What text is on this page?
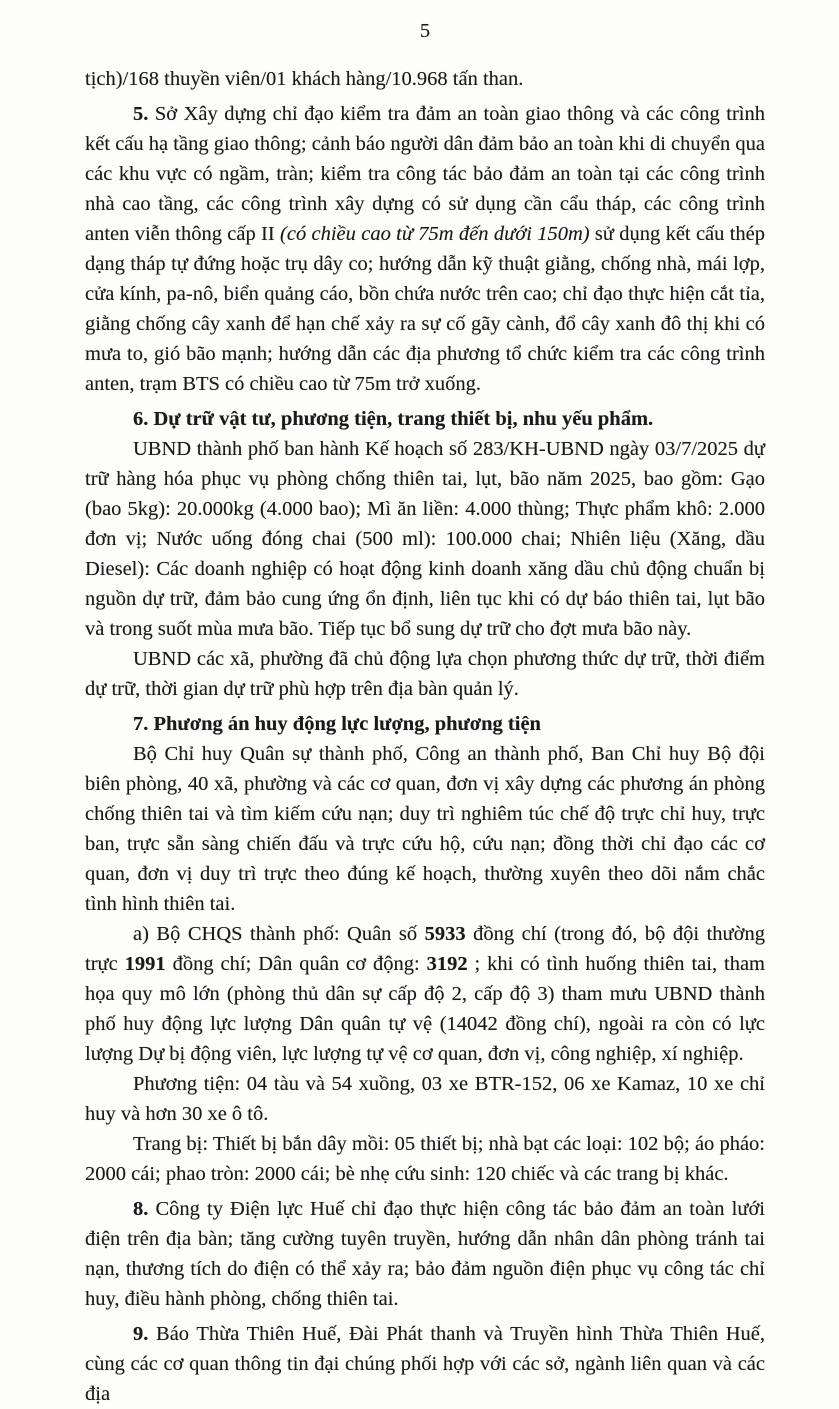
5

tịch)/168 thuyền viên/01 khách hàng/10.968 tấn than.

5. Sở Xây dựng chỉ đạo kiểm tra đảm an toàn giao thông và các công trình kết cấu hạ tầng giao thông; cảnh báo người dân đảm bảo an toàn khi di chuyển qua các khu vực có ngầm, tràn; kiểm tra công tác bảo đảm an toàn tại các công trình nhà cao tầng, các công trình xây dựng có sử dụng cần cẩu tháp, các công trình anten viễn thông cấp II (có chiều cao từ 75m đến dưới 150m) sử dụng kết cấu thép dạng tháp tự đứng hoặc trụ dây co; hướng dẫn kỹ thuật giằng, chống nhà, mái lợp, cửa kính, pa-nô, biển quảng cáo, bồn chứa nước trên cao; chỉ đạo thực hiện cắt tỉa, giằng chống cây xanh để hạn chế xảy ra sự cố gãy cành, đổ cây xanh đô thị khi có mưa to, gió bão mạnh; hướng dẫn các địa phương tổ chức kiểm tra các công trình anten, trạm BTS có chiều cao từ 75m trở xuống.

6. Dự trữ vật tư, phương tiện, trang thiết bị, nhu yếu phẩm.

UBND thành phố ban hành Kế hoạch số 283/KH-UBND ngày 03/7/2025 dự trữ hàng hóa phục vụ phòng chống thiên tai, lụt, bão năm 2025, bao gồm: Gạo (bao 5kg): 20.000kg (4.000 bao); Mì ăn liền: 4.000 thùng; Thực phẩm khô: 2.000 đơn vị; Nước uống đóng chai (500 ml): 100.000 chai; Nhiên liệu (Xăng, dầu Diesel): Các doanh nghiệp có hoạt động kinh doanh xăng dầu chủ động chuẩn bị nguồn dự trữ, đảm bảo cung ứng ổn định, liên tục khi có dự báo thiên tai, lụt bão và trong suốt mùa mưa bão. Tiếp tục bổ sung dự trữ cho đợt mưa bão này.

UBND các xã, phường đã chủ động lựa chọn phương thức dự trữ, thời điểm dự trữ, thời gian dự trữ phù hợp trên địa bàn quản lý.

7. Phương án huy động lực lượng, phương tiện

Bộ Chỉ huy Quân sự thành phố, Công an thành phố, Ban Chỉ huy Bộ đội biên phòng, 40 xã, phường và các cơ quan, đơn vị xây dựng các phương án phòng chống thiên tai và tìm kiếm cứu nạn; duy trì nghiêm túc chế độ trực chỉ huy, trực ban, trực sẵn sàng chiến đấu và trực cứu hộ, cứu nạn; đồng thời chỉ đạo các cơ quan, đơn vị duy trì trực theo đúng kế hoạch, thường xuyên theo dõi nắm chắc tình hình thiên tai.

a) Bộ CHQS thành phố: Quân số 5933 đồng chí (trong đó, bộ đội thường trực 1991 đồng chí; Dân quân cơ động: 3192 ; khi có tình huống thiên tai, tham họa quy mô lớn (phòng thủ dân sự cấp độ 2, cấp độ 3) tham mưu UBND thành phố huy động lực lượng Dân quân tự vệ (14042 đồng chí), ngoài ra còn có lực lượng Dự bị động viên, lực lượng tự vệ cơ quan, đơn vị, công nghiệp, xí nghiệp.

Phương tiện: 04 tàu và 54 xuồng, 03 xe BTR-152, 06 xe Kamaz, 10 xe chỉ huy và hơn 30 xe ô tô.

Trang bị: Thiết bị bắn dây mồi: 05 thiết bị; nhà bạt các loại: 102 bộ; áo pháo: 2000 cái; phao tròn: 2000 cái; bè nhẹ cứu sinh: 120 chiếc và các trang bị khác.

8. Công ty Điện lực Huế chỉ đạo thực hiện công tác bảo đảm an toàn lưới điện trên địa bàn; tăng cường tuyên truyền, hướng dẫn nhân dân phòng tránh tai nạn, thương tích do điện có thể xảy ra; bảo đảm nguồn điện phục vụ công tác chỉ huy, điều hành phòng, chống thiên tai.

9. Báo Thừa Thiên Huế, Đài Phát thanh và Truyền hình Thừa Thiên Huế, cùng các cơ quan thông tin đại chúng phối hợp với các sở, ngành liên quan và các địa
